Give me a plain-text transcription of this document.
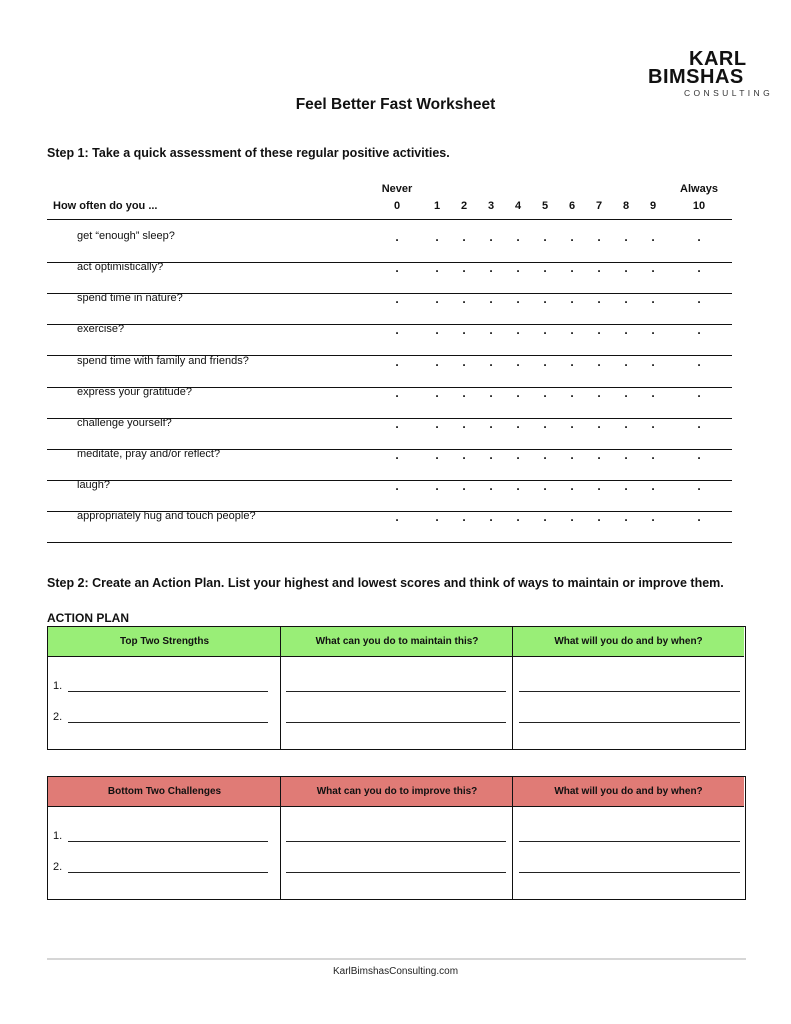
KARL
BIMSHAS
CONSULTING
Feel Better Fast Worksheet
Step 1: Take a quick assessment of these regular positive activities.
Never	Always
How often do you ...	0	1	2	3	4	5	6	7	8	9	10
get “enough” sleep?	.	. . . . . . . . .	.
act optimistically?	.	. . . . . . . . .	.
spend time in nature?	.	. . . . . . . . .	.
exercise?	.	. . . . . . . . .	.
spend time with family and friends?	.	. . . . . . . . .	.
express your gratitude?	.	. . . . . . . . .	.
challenge yourself?	.	. . . . . . . . .	.
meditate, pray and/or reflect?	.	. . . . . . . . .	.
laugh?	.	. . . . . . . . .	.
appropriately hug and touch people?	.	. . . . . . . . .	.
Step 2: Create an Action Plan. List your highest and lowest scores and think of ways to maintain or improve them.
ACTION PLAN
Top Two Strengths	What can you do to maintain this?	What will you do and by when?
1.
2.
Bottom Two Challenges	What can you do to improve this?	What will you do and by when?
1.
2.
KarlBimshasConsulting.com
